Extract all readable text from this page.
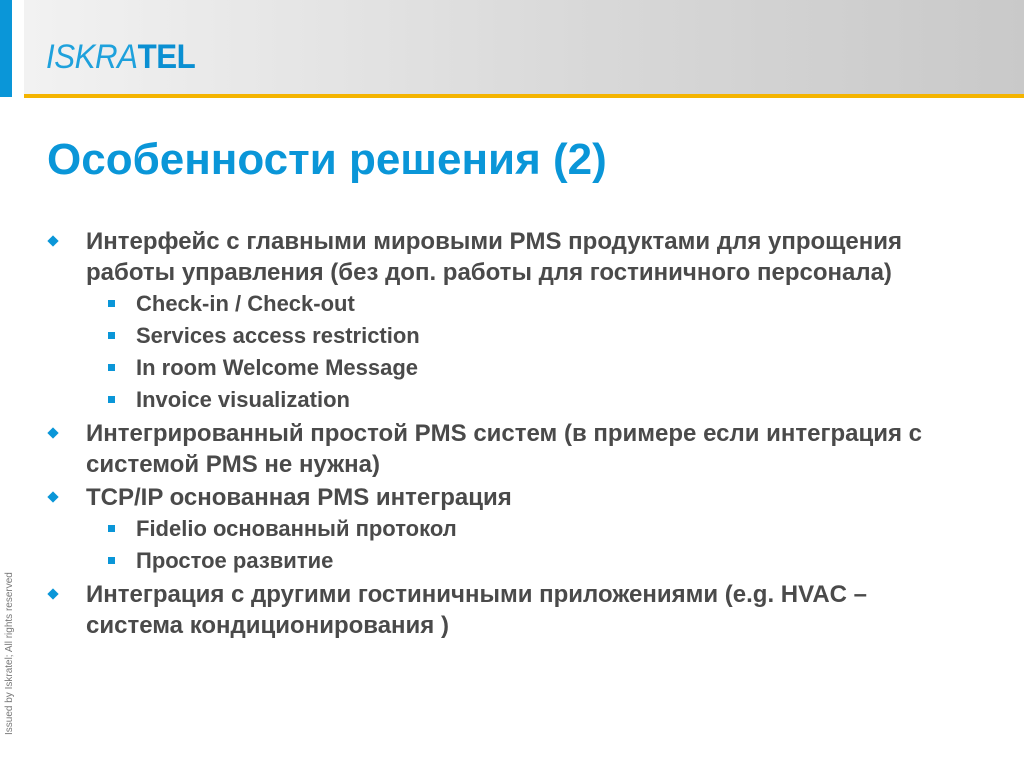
ISKRATEL
Особенности решения (2)
Интерфейс с главными мировыми PMS продуктами для упрощения работы управления (без доп. работы для гостиничного персонала)
Check-in / Check-out
Services access restriction
In room Welcome Message
Invoice visualization
Интегрированный простой PMS систем (в примере если интеграция с системой PMS не нужна)
TCP/IP основанная PMS интеграция
Fidelio основанный протокол
Простое развитие
Интеграция с другими гостиничными приложениями (e.g. HVAC – система кондиционирования )
Issued by Iskratel; All rights reserved
